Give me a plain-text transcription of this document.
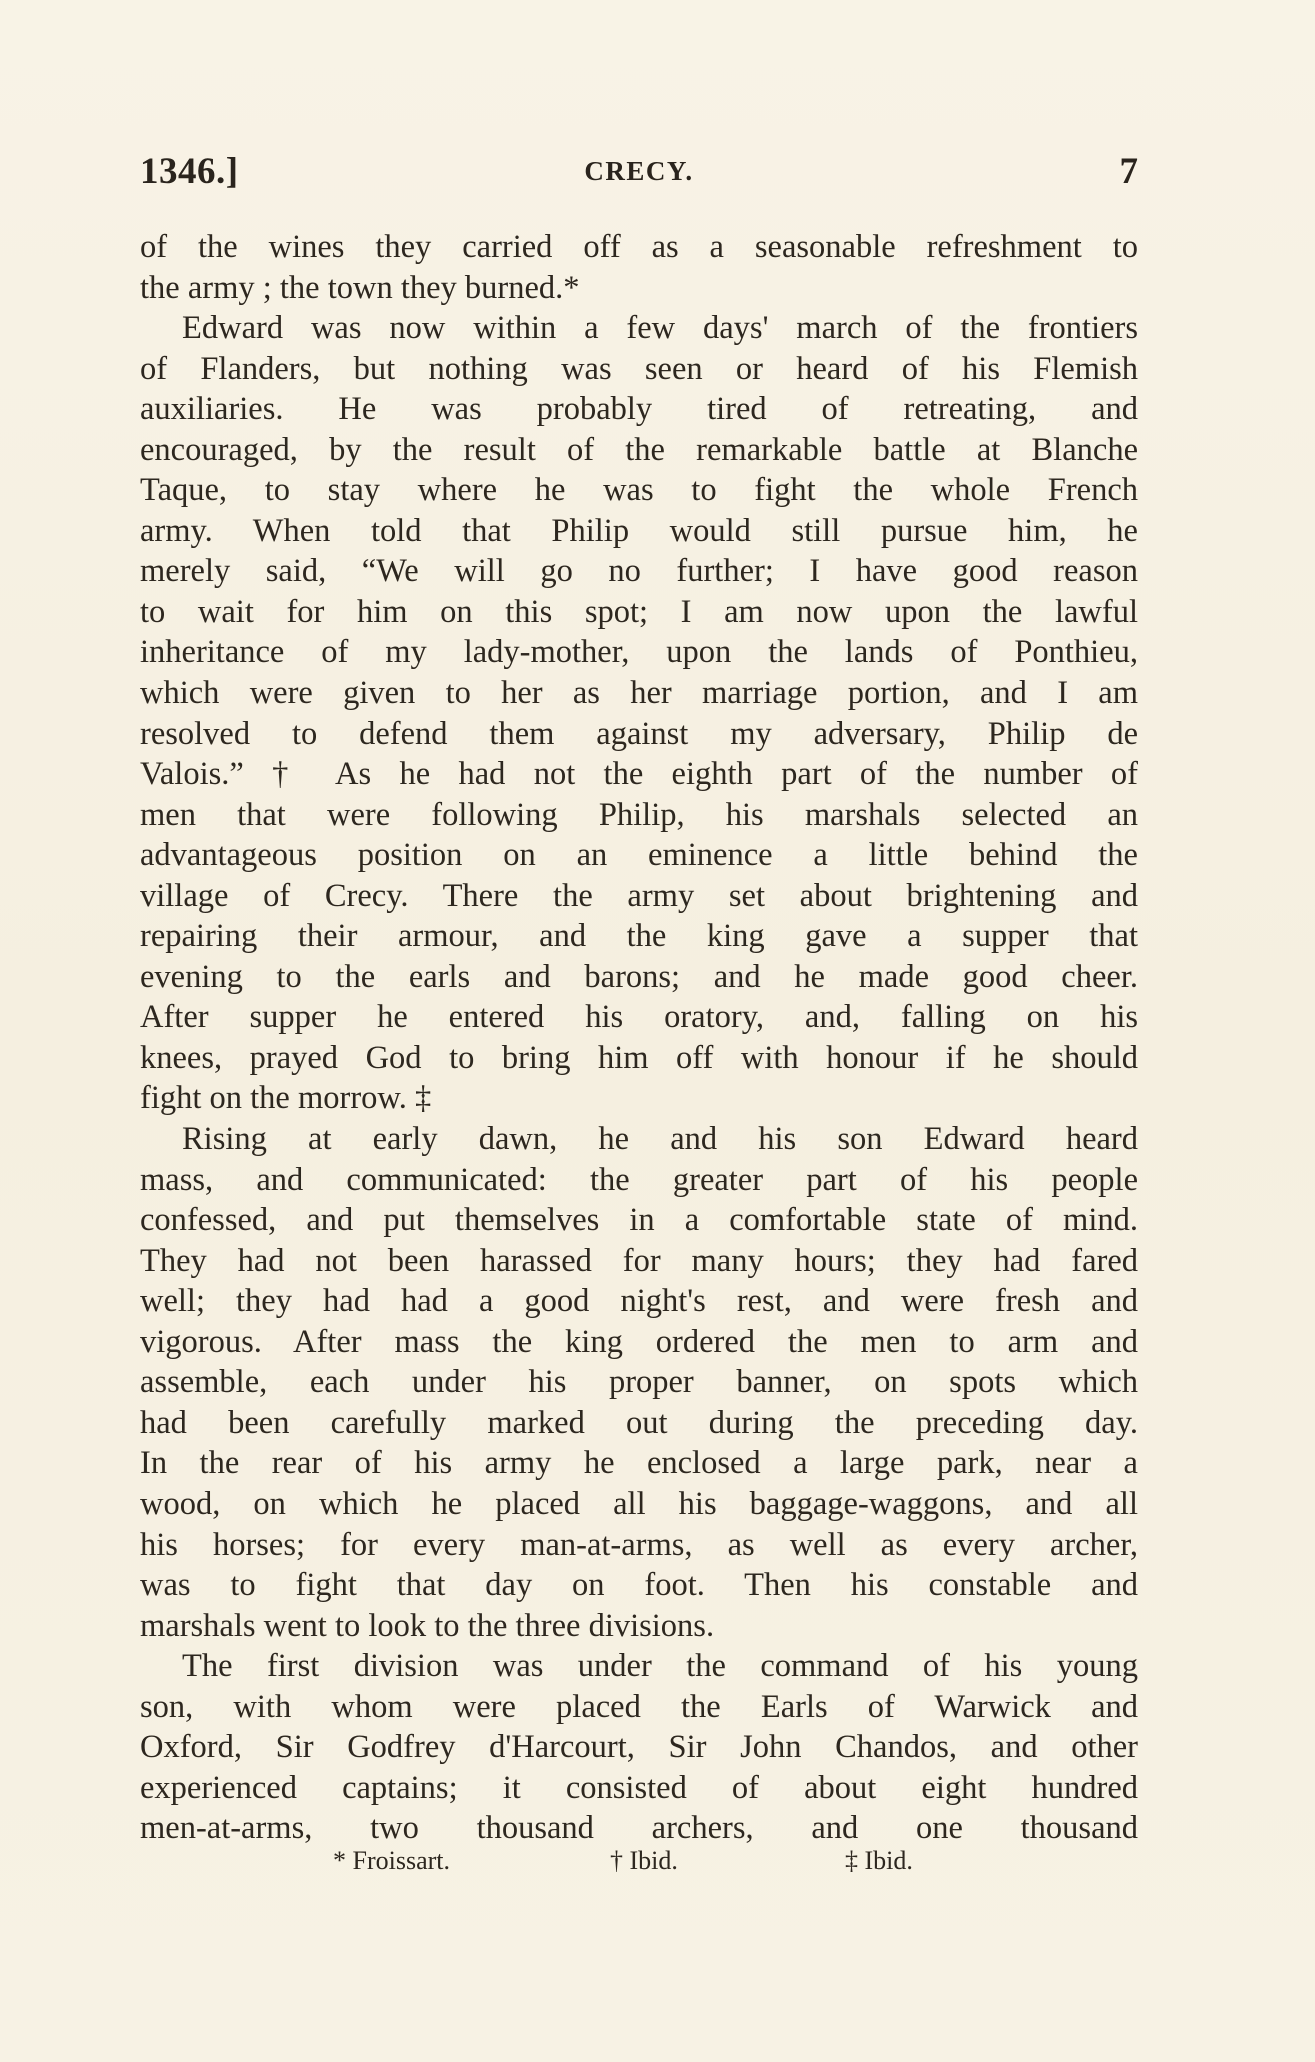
1346.]	CRECY.	7
of the wines they carried off as a seasonable refreshment to
the army ; the town they burned.*
Edward was now within a few days' march of the frontiers
of Flanders, but nothing was seen or heard of his Flemish
auxiliaries. He was probably tired of retreating, and
encouraged, by the result of the remarkable battle at Blanche
Taque, to stay where he was to fight the whole French
army. When told that Philip would still pursue him, he
merely said, “We will go no further; I have good reason
to wait for him on this spot; I am now upon the lawful
inheritance of my lady-mother, upon the lands of Ponthieu,
which were given to her as her marriage portion, and I am
resolved to defend them against my adversary, Philip de
Valois.” † As he had not the eighth part of the number of
men that were following Philip, his marshals selected an
advantageous position on an eminence a little behind the
village of Crecy. There the army set about brightening and
repairing their armour, and the king gave a supper that
evening to the earls and barons; and he made good cheer.
After supper he entered his oratory, and, falling on his
knees, prayed God to bring him off with honour if he should
fight on the morrow. ‡
Rising at early dawn, he and his son Edward heard
mass, and communicated: the greater part of his people
confessed, and put themselves in a comfortable state of mind.
They had not been harassed for many hours; they had fared
well; they had had a good night's rest, and were fresh and
vigorous. After mass the king ordered the men to arm and
assemble, each under his proper banner, on spots which
had been carefully marked out during the preceding day.
In the rear of his army he enclosed a large park, near a
wood, on which he placed all his baggage-waggons, and all
his horses; for every man-at-arms, as well as every archer,
was to fight that day on foot. Then his constable and
marshals went to look to the three divisions.
The first division was under the command of his young
son, with whom were placed the Earls of Warwick and
Oxford, Sir Godfrey d'Harcourt, Sir John Chandos, and other
experienced captains; it consisted of about eight hundred
men-at-arms, two thousand archers, and one thousand
* Froissart.	† Ibid.	‡ Ibid.
